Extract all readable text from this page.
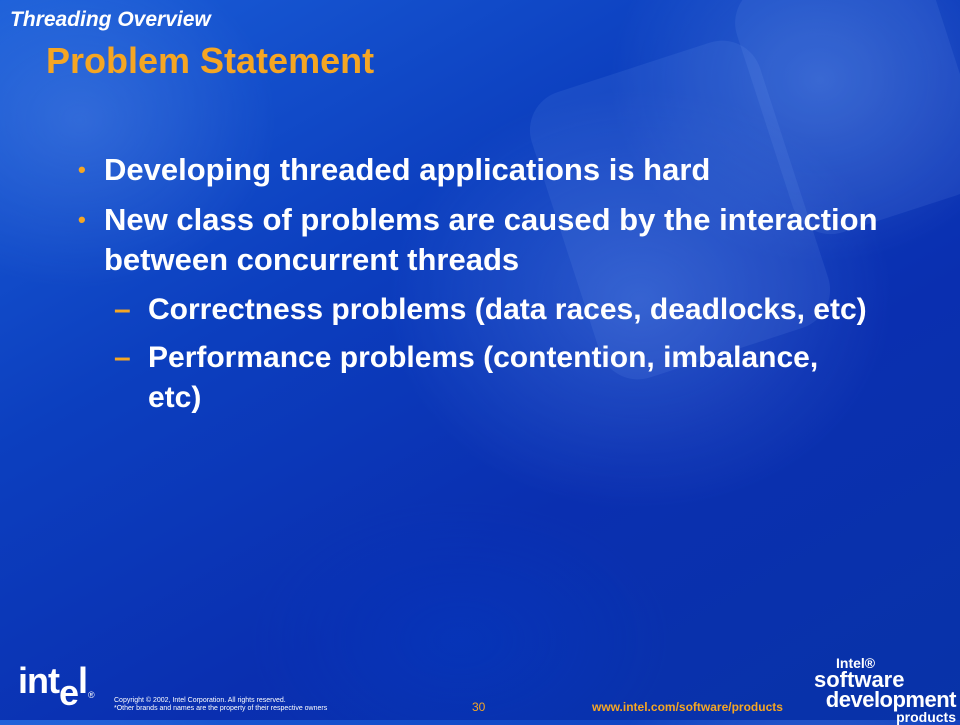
Threading Overview
Problem Statement
• Developing threaded applications is hard
• New class of problems are caused by the interaction between concurrent threads
– Correctness problems (data races, deadlocks, etc)
– Performance problems (contention, imbalance, etc)
intel ®
Copyright © 2002, Intel Corporation. All rights reserved.
*Other brands and names are the property of their respective owners	30	www.intel.com/software/products
Intel®
software
development
products
